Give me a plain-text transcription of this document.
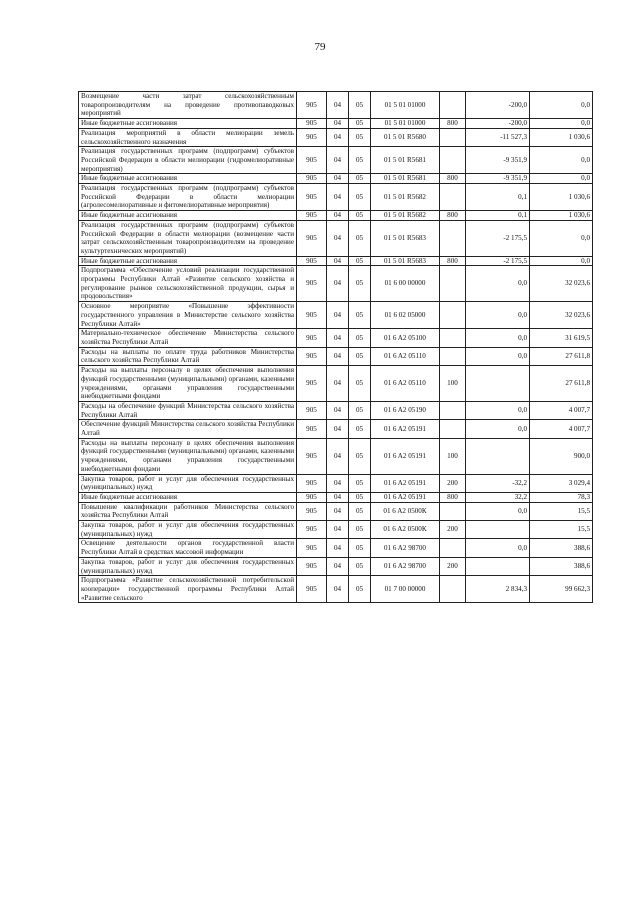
79
Возмещение части затрат сельскохозяйственным товаропроизводителям на проведение противопаводковых мероприятий	905	04	05	01 5 01 01000		-200,0	0,0
Иные бюджетные ассигнования	905	04	05	01 5 01 01000	800	-200,0	0,0
Реализация мероприятий в области мелиорации земель сельскохозяйственного назначения	905	04	05	01 5 01 R5680		-11 527,3	1 030,6
Реализация государственных программ (подпрограмм) субъектов Российской Федерации в области мелиорации (гидромелиоративные мероприятия)	905	04	05	01 5 01 R5681		-9 351,9	0,0
Иные бюджетные ассигнования	905	04	05	01 5 01 R5681	800	-9 351,9	0,0
Реализация государственных программ (подпрограмм) субъектов Российской Федерации в области мелиорации (агролесомелиоративные и фитомелиоративные мероприятия)	905	04	05	01 5 01 R5682		0,1	1 030,6
Иные бюджетные ассигнования	905	04	05	01 5 01 R5682	800	0,1	1 030,6
Реализация государственных программ (подпрограмм) субъектов Российской Федерации в области мелиорации (возмещение части затрат сельскохозяйственным товаропроизводителям на проведение культуртехнических мероприятий)	905	04	05	01 5 01 R5683		-2 175,5	0,0
Иные бюджетные ассигнования	905	04	05	01 5 01 R5683	800	-2 175,5	0,0
Подпрограмма «Обеспечение условий реализации государственной программы Республики Алтай «Развитие сельского хозяйства и регулирование рынков сельскохозяйственной продукции, сырья и продовольствия»	905	04	05	01 6 00 00000		0,0	32 023,6
Основное мероприятие «Повышение эффективности государственного управления в Министерстве сельского хозяйства Республики Алтай»	905	04	05	01 6 02 05000		0,0	32 023,6
Материально-техническое обеспечение Министерства сельского хозяйства Республики Алтай	905	04	05	01 6 A2 05100		0,0	31 619,5
Расходы на выплаты по оплате труда работников Министерства сельского хозяйства Республики Алтай	905	04	05	01 6 A2 05110		0,0	27 611,8
Расходы на выплаты персоналу в целях обеспечения выполнения функций государственными (муниципальными) органами, казенными учреждениями, органами управления государственными внебюджетными фондами	905	04	05	01 6 A2 05110	100		27 611,8
Расходы на обеспечение функций Министерства сельского хозяйства Республики Алтай	905	04	05	01 6 A2 05190		0,0	4 007,7
Обеспечение функций Министерства сельского хозяйства Республики Алтай	905	04	05	01 6 A2 05191		0,0	4 007,7
Расходы на выплаты персоналу в целях обеспечения выполнения функций государственными (муниципальными) органами, казенными учреждениями, органами управления государственными внебюджетными фондами	905	04	05	01 6 A2 05191	100		900,0
Закупка товаров, работ и услуг для обеспечения государственных (муниципальных) нужд	905	04	05	01 6 A2 05191	200	-32,2	3 029,4
Иные бюджетные ассигнования	905	04	05	01 6 A2 05191	800	32,2	78,3
Повышение квалификации работников Министерства сельского хозяйства Республики Алтай	905	04	05	01 6 A2 0500К		0,0	15,5
Закупка товаров, работ и услуг для обеспечения государственных (муниципальных) нужд	905	04	05	01 6 A2 0500К	200		15,5
Освещение деятельности органов государственной власти Республики Алтай в средствах массовой информации	905	04	05	01 6 A2 98700		0,0	388,6
Закупка товаров, работ и услуг для обеспечения государственных (муниципальных) нужд	905	04	05	01 6 A2 98700	200		388,6
Подпрограмма «Развитие сельскохозяйственной потребительской кооперации» государственной программы Республики Алтай «Развитие сельского	905	04	05	01 7 00 00000		2 834,3	99 662,3
